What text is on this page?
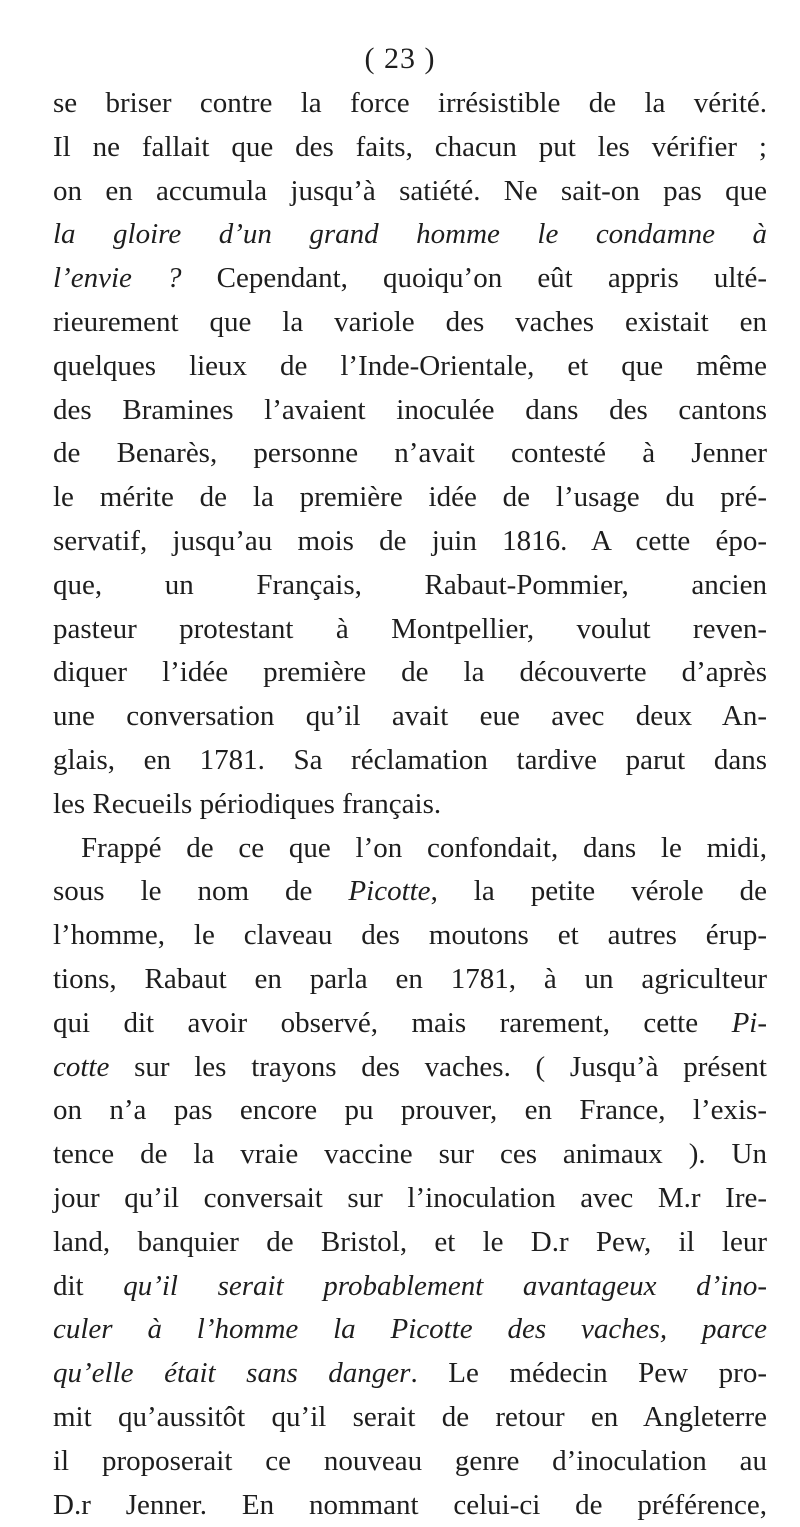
( 23 )
se briser contre la force irrésistible de la vérité.
Il ne fallait que des faits, chacun put les vérifier ;
on en accumula jusqu’à satiété. Ne sait-on pas que
la gloire d’un grand homme le condamne à
l’envie ? Cependant, quoiqu’on eût appris ulté-
rieurement que la variole des vaches existait en
quelques lieux de l’Inde-Orientale, et que même
des Bramines l’avaient inoculée dans des cantons
de Benarès, personne n’avait contesté à Jenner
le mérite de la première idée de l’usage du pré-
servatif, jusqu’au mois de juin 1816. A cette épo-
que, un Français, Rabaut-Pommier, ancien
pasteur protestant à Montpellier, voulut reven-
diquer l’idée première de la découverte d’après
une conversation qu’il avait eue avec deux An-
glais, en 1781. Sa réclamation tardive parut dans
les Recueils périodiques français.
Frappé de ce que l’on confondait, dans le midi,
sous le nom de Picotte, la petite vérole de
l’homme, le claveau des moutons et autres érup-
tions, Rabaut en parla en 1781, à un agriculteur
qui dit avoir observé, mais rarement, cette Pi-
cotte sur les trayons des vaches. ( Jusqu’à présent
on n’a pas encore pu prouver, en France, l’exis-
tence de la vraie vaccine sur ces animaux ). Un
jour qu’il conversait sur l’inoculation avec M.r Ire-
land, banquier de Bristol, et le D.r Pew, il leur
dit qu’il serait probablement avantageux d’ino-
culer à l’homme la Picotte des vaches, parce
qu’elle était sans danger. Le médecin Pew pro-
mit qu’aussitôt qu’il serait de retour en Angleterre
il proposerait ce nouveau genre d’inoculation au
D.r Jenner. En nommant celui-ci de préférence,
